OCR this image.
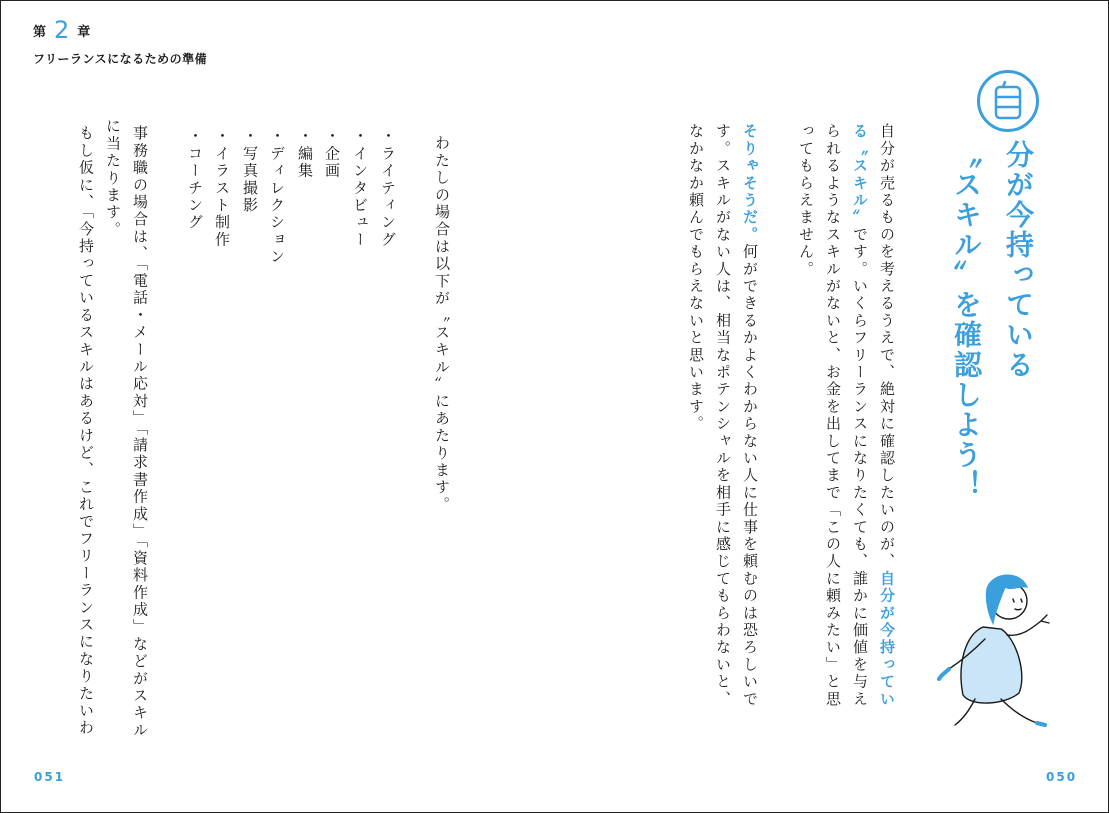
第 2 章
フリーランスになるための準備

分が今持っている

〝スキル〟を確認しよう！

自分が売るものを考えるうえで、絶対に確認したいのが、自分が今持っている〝スキル〟です。いくらフリーランスになりたくても、誰かに価値を与えられるようなスキルがないと、お金を出してまで「この人に頼みたい」と思ってもらえません。

そりゃそうだ。何ができるかよくわからない人に仕事を頼むのは恐ろしいです。スキルがない人は、相当なポテンシャルを相手に感じてもらわないと、なかなか頼んでもらえないと思います。

わたしの場合は以下が〝スキル〟にあたります。

・ライティング

・インタビュー

・企画

・編集

・ディレクション

・写真撮影

・イラスト制作

・コーチング

事務職の場合は、「電話・メール応対」「請求書作成」「資料作成」などがスキル

に当たります。

もし仮に、「今持っているスキルはあるけど、これでフリーランスになりたいわ

051	050
